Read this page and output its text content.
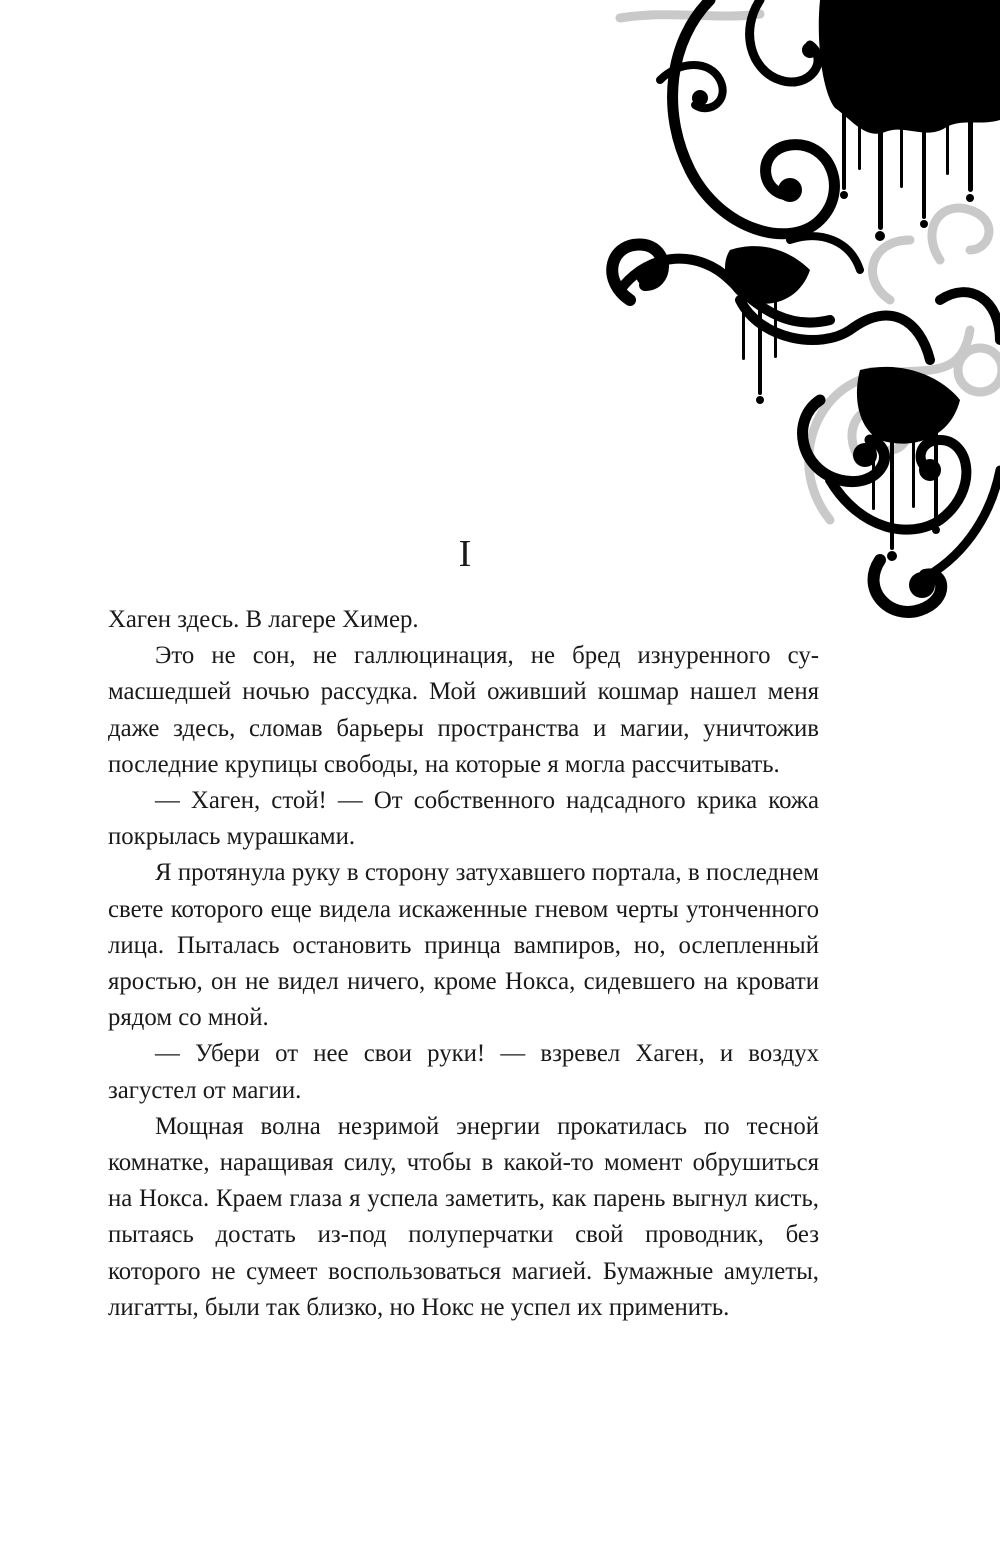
I

Хаген здесь. В лагере Химер.

Это не сон, не галлюцинация, не бред изнуренного сумасшедшей ночью рассудка. Мой оживший кошмар нашел меня даже здесь, сломав барьеры пространства и магии, уничтожив последние крупицы свободы, на которые я могла рассчитывать.

— Хаген, стой! — От собственного надсадного крика кожа покрылась мурашками.

Я протянула руку в сторону затухавшего портала, в последнем свете которого еще видела искаженные гневом черты утонченного лица. Пыталась остановить принца вампиров, но, ослепленный яростью, он не видел ничего, кроме Нокса, сидевшего на кровати рядом со мной.

— Убери от нее свои руки! — взревел Хаген, и воздух загустел от магии.

Мощная волна незримой энергии прокатилась по тесной комнатке, наращивая силу, чтобы в какой-то момент обрушиться на Нокса. Краем глаза я успела заметить, как парень выгнул кисть, пытаясь достать из-под полуперчатки свой проводник, без которого не сумеет воспользоваться магией. Бумажные амулеты, лигатты, были так близко, но Нокс не успел их применить.
